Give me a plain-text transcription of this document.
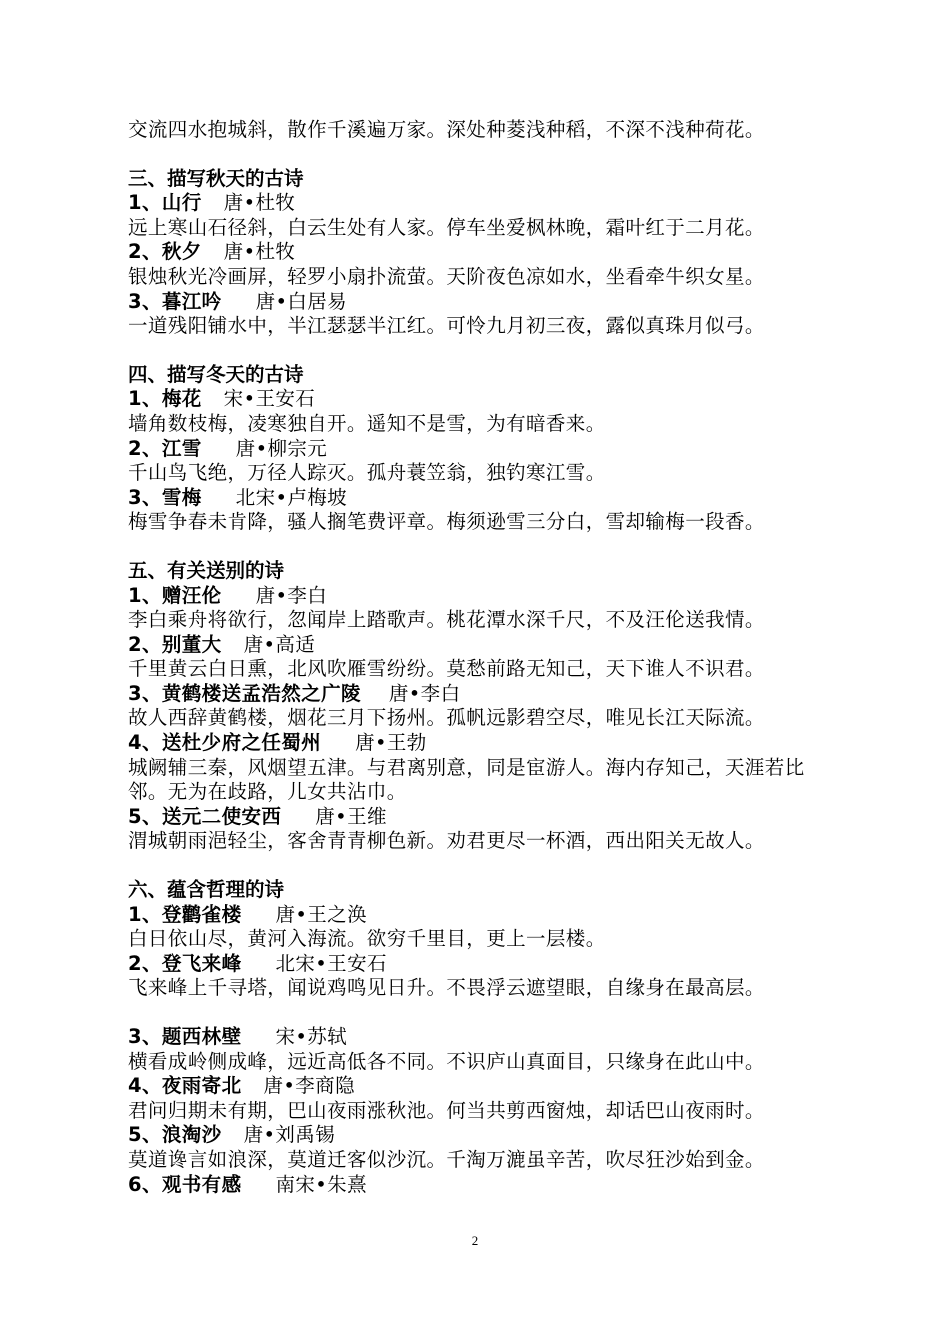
交流四水抱城斜，散作千溪遍万家。深处种菱浅种稻，不深不浅种荷花。
三、描写秋天的古诗
1、山行 唐•杜牧
远上寒山石径斜，白云生处有人家。停车坐爱枫林晚，霜叶红于二月花。
2、秋夕 唐•杜牧
银烛秋光冷画屏，轻罗小扇扑流萤。天阶夜色凉如水，坐看牵牛织女星。
3、暮江吟 唐•白居易
一道残阳铺水中，半江瑟瑟半江红。可怜九月初三夜，露似真珠月似弓。
四、描写冬天的古诗
1、梅花 宋•王安石
墙角数枝梅，凌寒独自开。遥知不是雪，为有暗香来。
2、江雪 唐•柳宗元
千山鸟飞绝，万径人踪灭。孤舟蓑笠翁，独钓寒江雪。
3、雪梅 北宋•卢梅坡
梅雪争春未肯降，骚人搁笔费评章。梅须逊雪三分白，雪却输梅一段香。
五、有关送别的诗
1、赠汪伦 唐•李白
李白乘舟将欲行，忽闻岸上踏歌声。桃花潭水深千尺，不及汪伦送我情。
2、别董大 唐•高适
千里黄云白日熏，北风吹雁雪纷纷。莫愁前路无知己，天下谁人不识君。
3、黄鹤楼送孟浩然之广陵 唐•李白
故人西辞黄鹤楼，烟花三月下扬州。孤帆远影碧空尽，唯见长江天际流。
4、送杜少府之任蜀州 唐•王勃
城阙辅三秦，风烟望五津。与君离别意，同是宦游人。海内存知己，天涯若比邻。无为在歧路，儿女共沾巾。
5、送元二使安西 唐•王维
渭城朝雨浥轻尘，客舍青青柳色新。劝君更尽一杯酒，西出阳关无故人。
六、蕴含哲理的诗
1、登鹳雀楼 唐•王之涣
白日依山尽，黄河入海流。欲穷千里目，更上一层楼。
2、登飞来峰 北宋•王安石
飞来峰上千寻塔，闻说鸡鸣见日升。不畏浮云遮望眼，自缘身在最高层。
3、题西林壁 宋•苏轼
横看成岭侧成峰，远近高低各不同。不识庐山真面目，只缘身在此山中。
4、夜雨寄北 唐•李商隐
君问归期未有期，巴山夜雨涨秋池。何当共剪西窗烛，却话巴山夜雨时。
5、浪淘沙 唐•刘禹锡
莫道谗言如浪深，莫道迁客似沙沉。千淘万漉虽辛苦，吹尽狂沙始到金。
6、观书有感 南宋•朱熹
2
